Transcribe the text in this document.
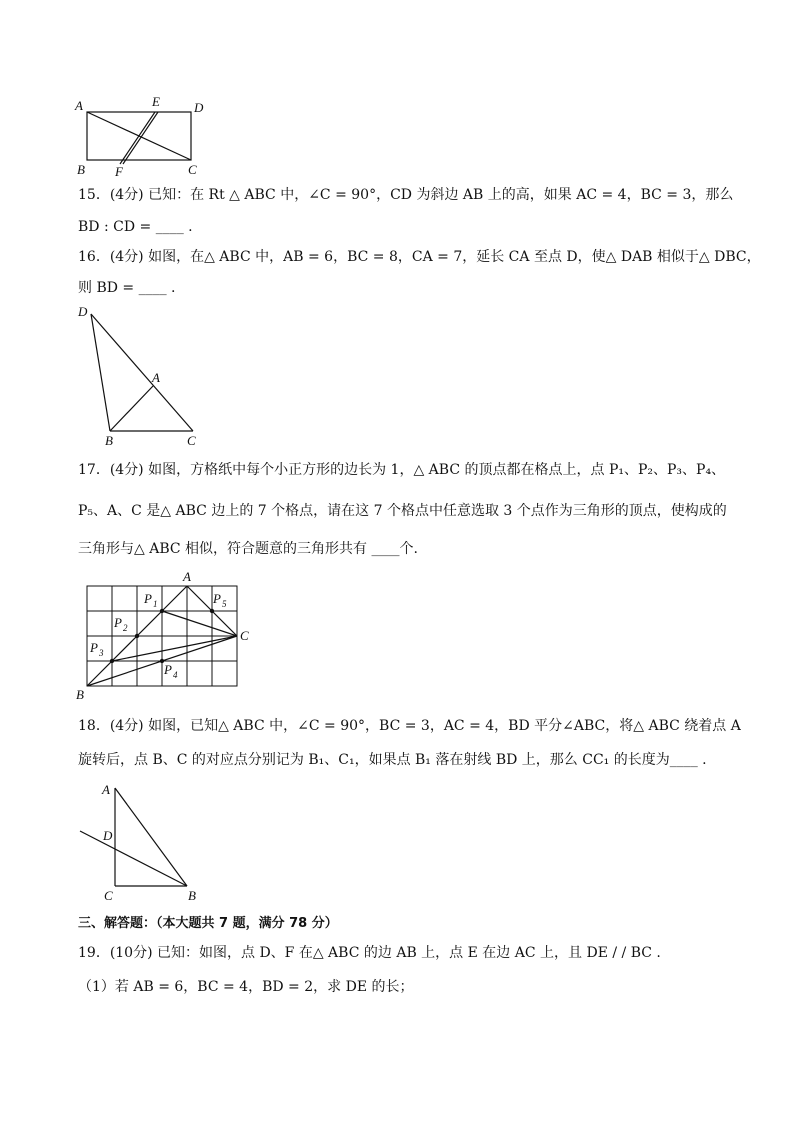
A	E	D
B F	C
15．(4分) 已知：在 Rt △ ABC 中，∠C = 90°，CD 为斜边 AB 上的高，如果 AC = 4，BC = 3，那么
BD : CD = ____ .
16．(4分) 如图，在△ ABC 中，AB = 6，BC = 8，CA = 7，延长 CA 至点 D，使△ DAB 相似于△ DBC，
则 BD = ____ .
D
A
B	C
17．(4分) 如图，方格纸中每个小正方形的边长为 1，△ ABC 的顶点都在格点上，点 P₁、P₂、P₃、P₄、
P₅、A、C 是△ ABC 边上的 7 个格点，请在这 7 个格点中任意选取 3 个点作为三角形的顶点，使构成的
三角形与△ ABC 相似，符合题意的三角形共有 ____个.
A
C
B
P 1
P 2
P 3
P 4
P 5
18．(4分) 如图，已知△ ABC 中，∠C = 90°，BC = 3，AC = 4，BD 平分∠ABC，将△ ABC 绕着点 A
旋转后，点 B、C 的对应点分别记为 B₁、C₁，如果点 B₁ 落在射线 BD 上，那么 CC₁ 的长度为____ .
A
D
C	B
三、解答题：（本大题共 7 题，满分 78 分）
19．(10分) 已知：如图，点 D、F 在△ ABC 的边 AB 上，点 E 在边 AC 上，且 DE / / BC .
（1）若 AB = 6，BC = 4，BD = 2，求 DE 的长；
